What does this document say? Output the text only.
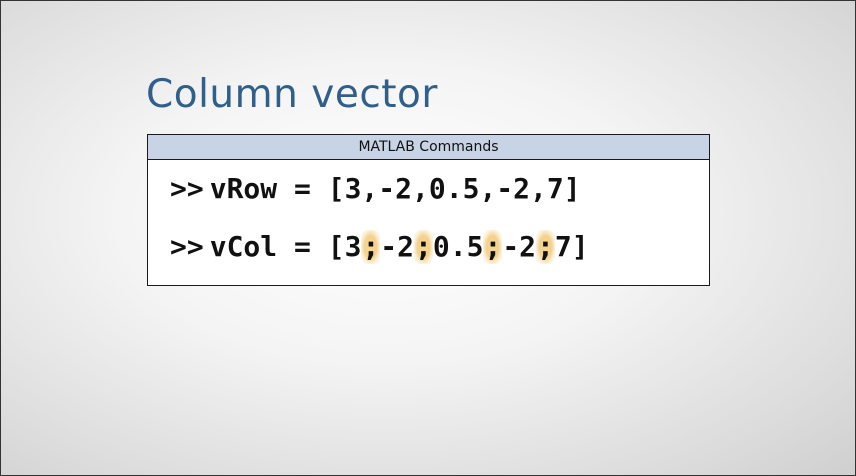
Column vector
MATLAB Commands
>> vRow = [3,-2,0.5,-2,7]
>> vCol = [3;-2;0.5;-2;7]
